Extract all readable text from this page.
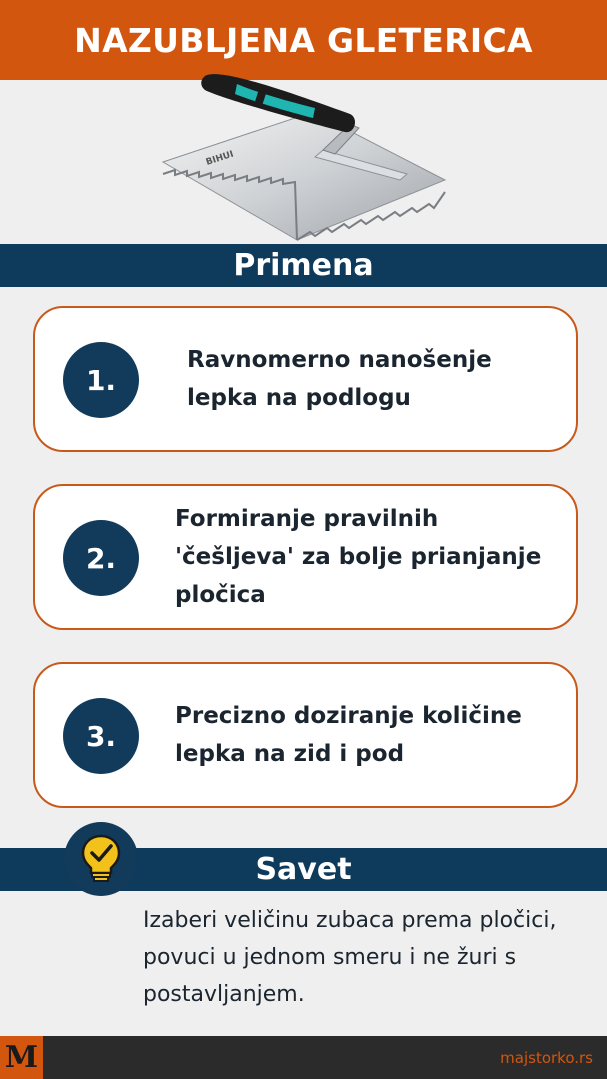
NAZUBLJENA GLETERICA
BIHUI
Primena
1.
Ravnomerno nanošenje lepka na podlogu
2.
Formiranje pravilnih 'češljeva' za bolje prianjanje pločica
3.
Precizno doziranje količine lepka na zid i pod
Savet
Izaberi veličinu zubaca prema pločici, povuci u jednom smeru i ne žuri s postavljanjem.
M	majstorko.rs
